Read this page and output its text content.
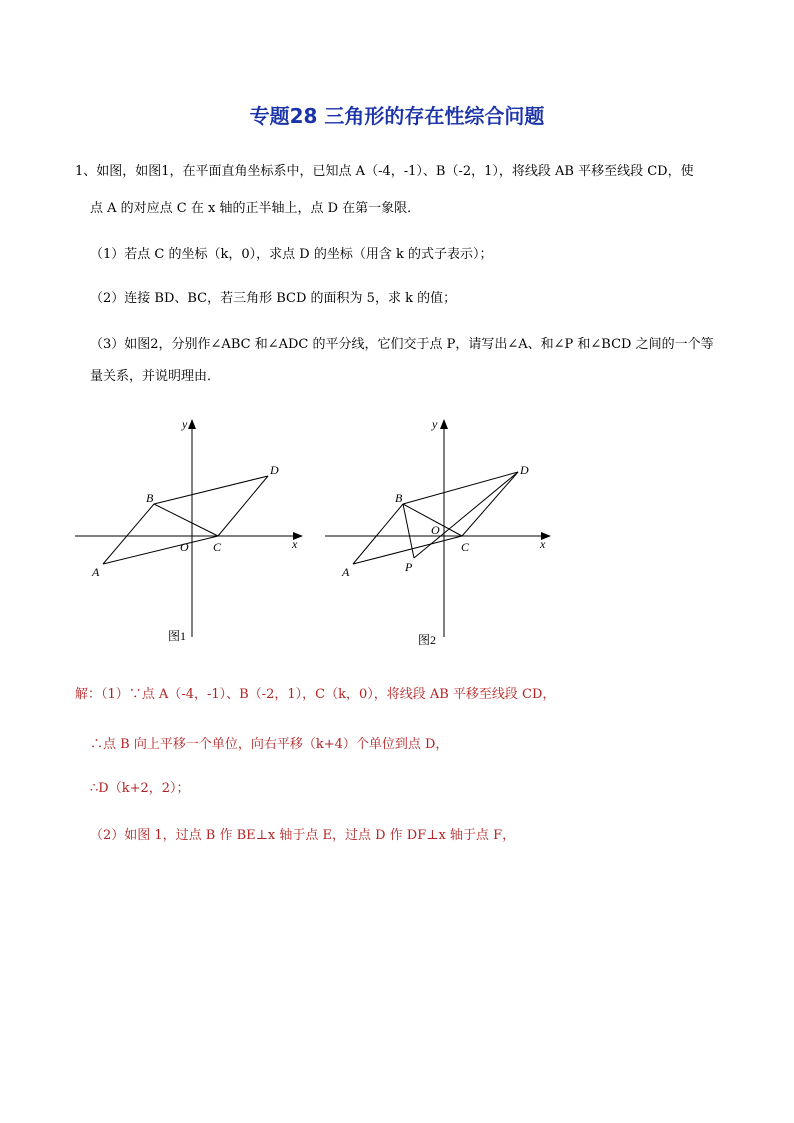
专题28 三角形的存在性综合问题
1、如图，如图1，在平面直角坐标系中，已知点 A（-4，-1）、B（-2，1），将线段 AB 平移至线段 CD，使
点 A 的对应点 C 在 x 轴的正半轴上，点 D 在第一象限．
（1）若点 C 的坐标（k，0），求点 D 的坐标（用含 k 的式子表示）；
（2）连接 BD、BC，若三角形 BCD 的面积为 5，求 k 的值；
（3）如图2，分别作∠ABC 和∠ADC 的平分线，它们交于点 P，请写出∠A、和∠P 和∠BCD 之间的一个等
量关系，并说明理由．
y
x
O
A
B
C
D
图1
y
x
O
A
B
C
D
P
图2
解：（1）∵点 A（-4，-1）、B（-2，1），C（k，0），将线段 AB 平移至线段 CD，
∴点 B 向上平移一个单位，向右平移（k+4）个单位到点 D，
∴D（k+2，2）；
（2）如图 1，过点 B 作 BE⊥x 轴于点 E，过点 D 作 DF⊥x 轴于点 F，
